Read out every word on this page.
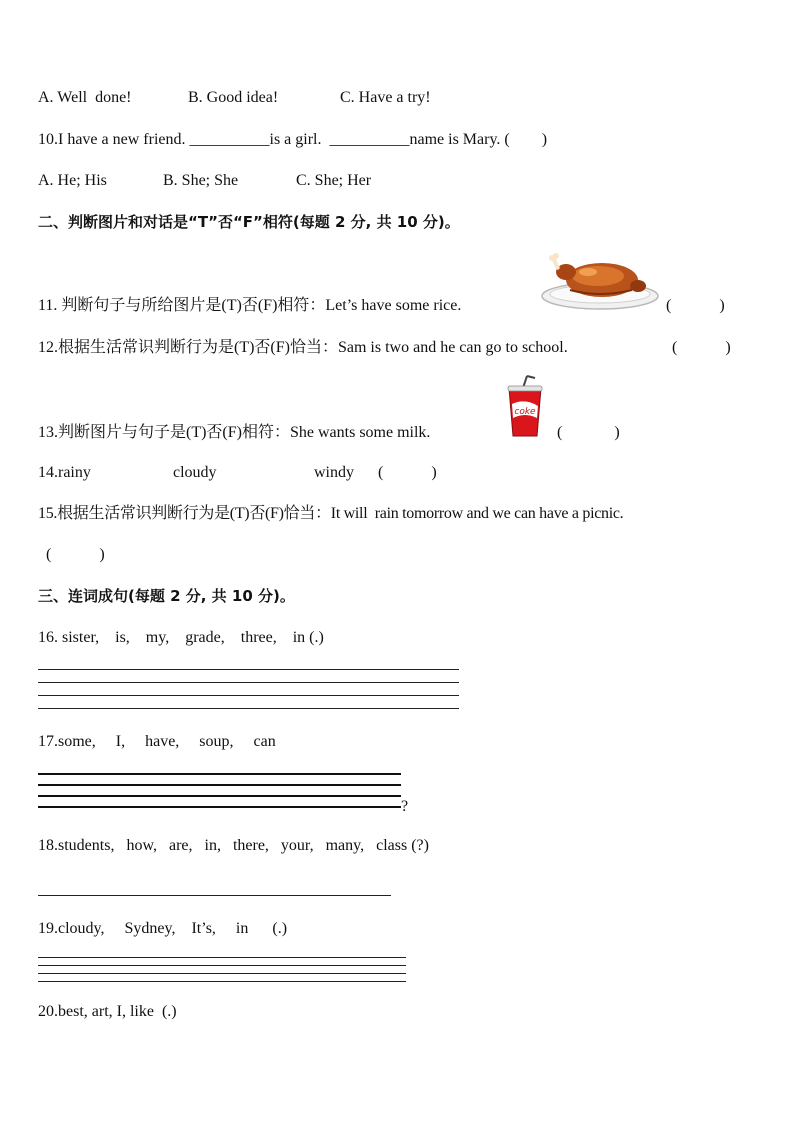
A. Well  done!	B. Good idea!	C. Have a try!
10.I have a new friend. __________is a girl.  __________name is Mary. (        )
A. He; His	B. She; She	C. She; Her
二、判断图片和对话是“T”否“F”相符(每题 2 分, 共 10 分)。
11. 判断句子与所给图片是(T)否(F)相符：Let’s have some rice.	(            )
12.根据生活常识判断行为是(T)否(F)恰当：Sam is two and he can go to school.	(            )
coke
13.判断图片与句子是(T)否(F)相符：She wants some milk.	(             )
14.rainy	cloudy	windy (            )
15.根据生活常识判断行为是(T)否(F)恰当：It will  rain tomorrow and we can have a picnic.
(            )
三、连词成句(每题 2 分, 共 10 分)。
16. sister,    is,    my,    grade,    three,    in (.)
17.some,     I,     have,     soup,     can
?
18.students,   how,   are,   in,   there,   your,   many,   class (?)
19.cloudy,     Sydney,    It’s,     in      (.)
20.best, art, I, like  (.)
